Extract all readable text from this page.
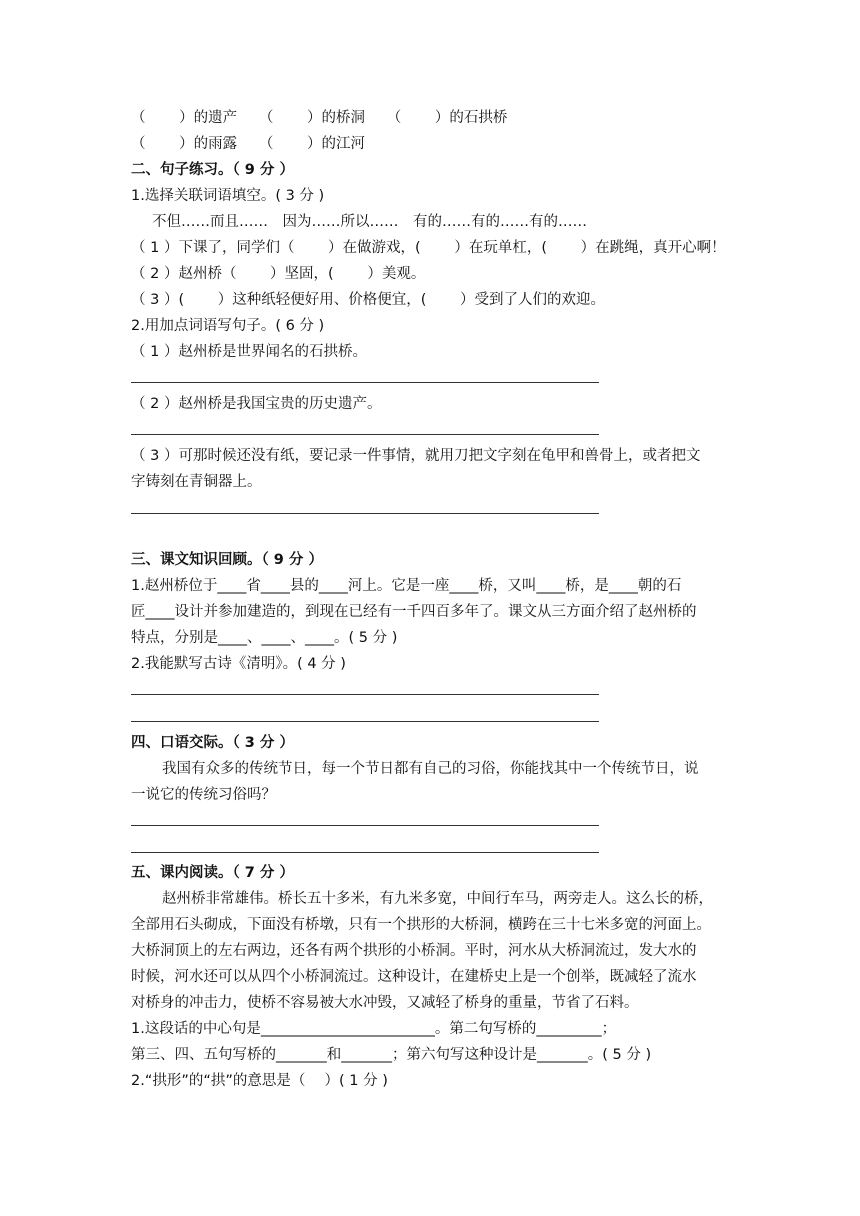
（　　 ）的遗产　　（　　 ）的桥洞　　（　　 ）的石拱桥
（　　 ）的雨露　　（　　 ）的江河
二、句子练习。（ 9 分 ）
1.选择关联词语填空。( 3 分 )
不但……而且……　因为……所以……　有的……有的……有的……
（ 1 ）下课了，同学们（　　 ）在做游戏，(　　 ）在玩单杠，(　　 ）在跳绳，真开心啊！
（ 2 ）赵州桥（　　 ）坚固，(　　 ）美观。
（ 3 ）(　　 ）这种纸轻便好用、价格便宜，(　　 ）受到了人们的欢迎。
2.用加点词语写句子。( 6 分 )
（ 1 ）赵州桥是世界闻名的石拱桥。
（ 2 ）赵州桥是我国宝贵的历史遗产。
（ 3 ）可那时候还没有纸，要记录一件事情，就用刀把文字刻在龟甲和兽骨上，或者把文
字铸刻在青铜器上。
三、课文知识回顾。（ 9 分 ）
1.赵州桥位于____省____县的____河上。它是一座____桥，又叫____桥，是____朝的石
匠____设计并参加建造的，到现在已经有一千四百多年了。课文从三方面介绍了赵州桥的
特点，分别是____、____、____。( 5 分 )
2.我能默写古诗《清明》。( 4 分 )
四、口语交际。（ 3 分 ）
我国有众多的传统节日，每一个节日都有自己的习俗，你能找其中一个传统节日，说
一说它的传统习俗吗？
五、课内阅读。（ 7 分 ）
赵州桥非常雄伟。桥长五十多米，有九米多宽，中间行车马，两旁走人。这么长的桥，
全部用石头砌成，下面没有桥墩，只有一个拱形的大桥洞，横跨在三十七米多宽的河面上。
大桥洞顶上的左右两边，还各有两个拱形的小桥洞。平时，河水从大桥洞流过，发大水的
时候，河水还可以从四个小桥洞流过。这种设计，在建桥史上是一个创举，既减轻了流水
对桥身的冲击力，使桥不容易被大水冲毁，又减轻了桥身的重量，节省了石料。
1.这段话的中心句是________________________。第二句写桥的_________；
第三、四、五句写桥的_______和_______；第六句写这种设计是_______。( 5 分 )
2.“拱形”的“拱”的意思是（　 ）( 1 分 )
